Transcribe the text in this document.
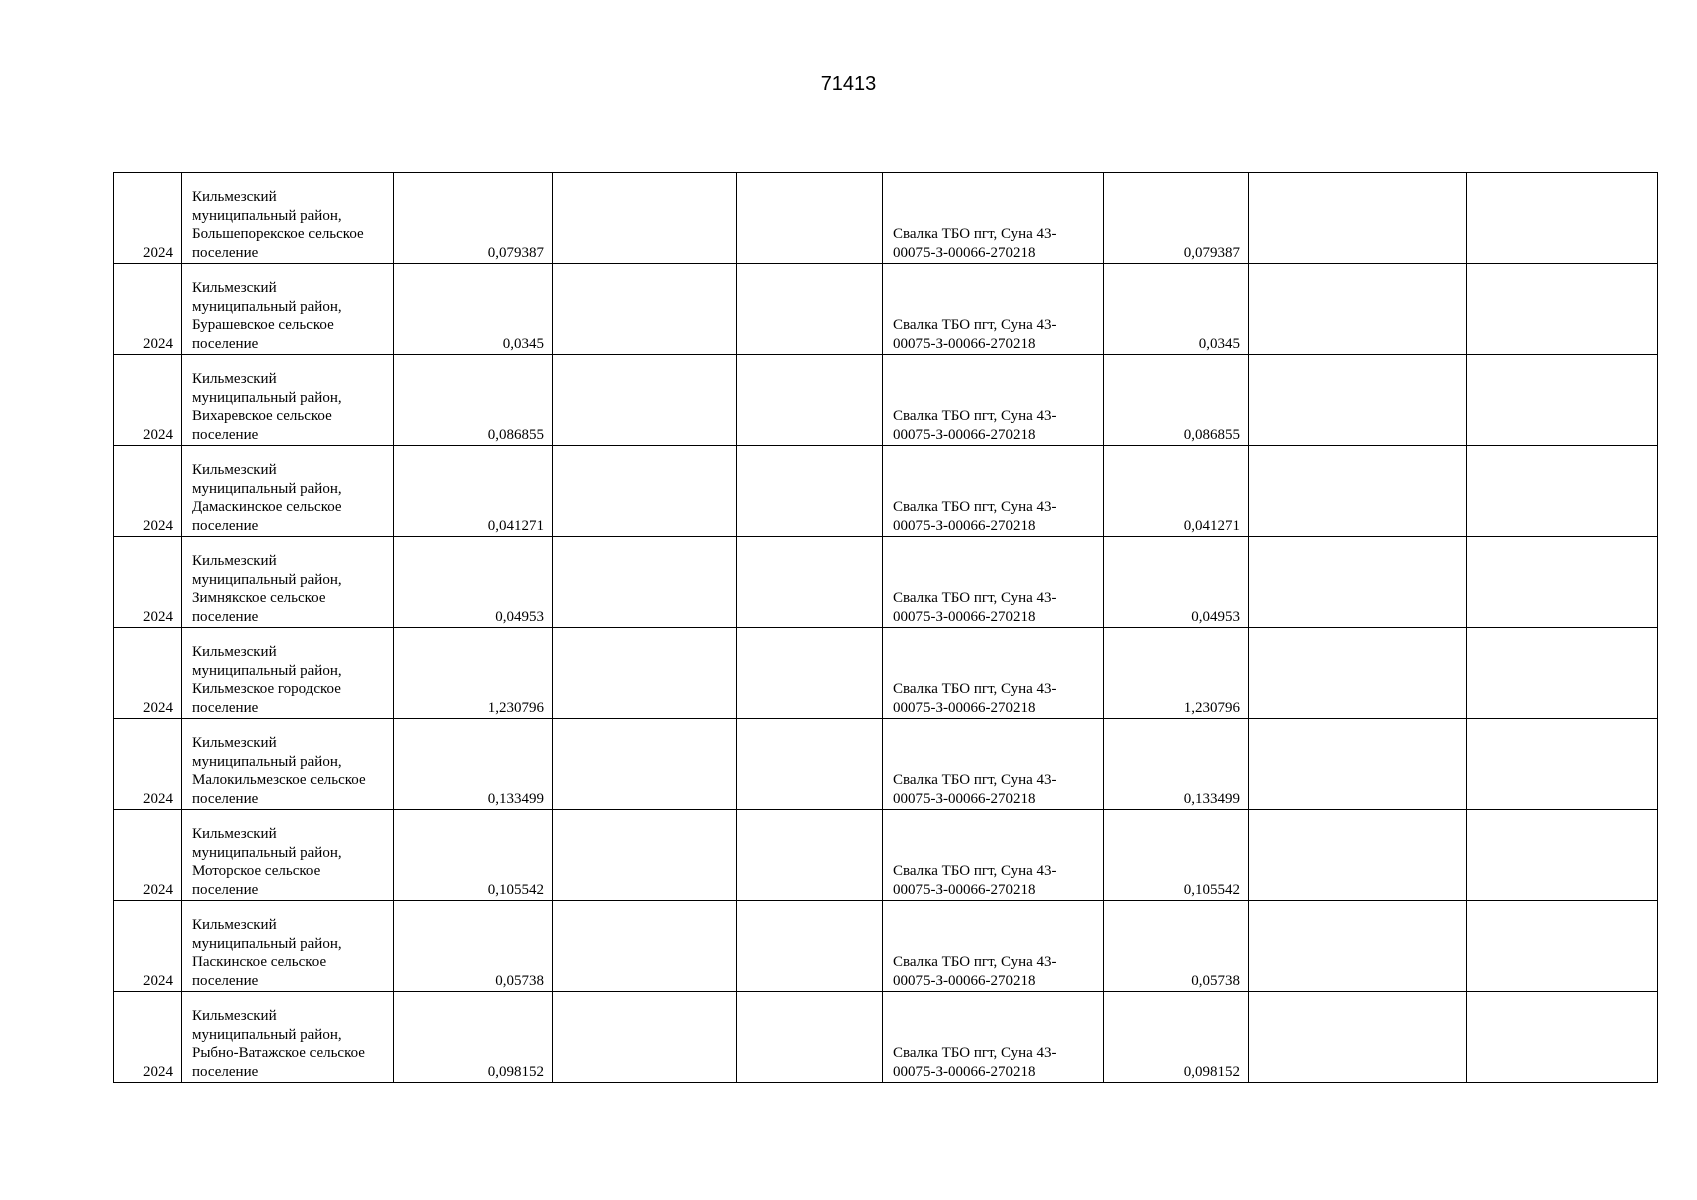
71413
2024	Кильмезский
муниципальный район,
Большепорекское сельское
поселение	0,079387			Свалка ТБО пгт, Суна 43-
00075-З-00066-270218	0,079387		
2024	Кильмезский
муниципальный район,
Бурашевское сельское
поселение	0,0345			Свалка ТБО пгт, Суна 43-
00075-З-00066-270218	0,0345		
2024	Кильмезский
муниципальный район,
Вихаревское сельское
поселение	0,086855			Свалка ТБО пгт, Суна 43-
00075-З-00066-270218	0,086855		
2024	Кильмезский
муниципальный район,
Дамаскинское сельское
поселение	0,041271			Свалка ТБО пгт, Суна 43-
00075-З-00066-270218	0,041271		
2024	Кильмезский
муниципальный район,
Зимнякское сельское
поселение	0,04953			Свалка ТБО пгт, Суна 43-
00075-З-00066-270218	0,04953		
2024	Кильмезский
муниципальный район,
Кильмезское городское
поселение	1,230796			Свалка ТБО пгт, Суна 43-
00075-З-00066-270218	1,230796		
2024	Кильмезский
муниципальный район,
Малокильмезское сельское
поселение	0,133499			Свалка ТБО пгт, Суна 43-
00075-З-00066-270218	0,133499		
2024	Кильмезский
муниципальный район,
Моторское сельское
поселение	0,105542			Свалка ТБО пгт, Суна 43-
00075-З-00066-270218	0,105542		
2024	Кильмезский
муниципальный район,
Паскинское сельское
поселение	0,05738			Свалка ТБО пгт, Суна 43-
00075-З-00066-270218	0,05738		
2024	Кильмезский
муниципальный район,
Рыбно-Ватажское сельское
поселение	0,098152			Свалка ТБО пгт, Суна 43-
00075-З-00066-270218	0,098152		
